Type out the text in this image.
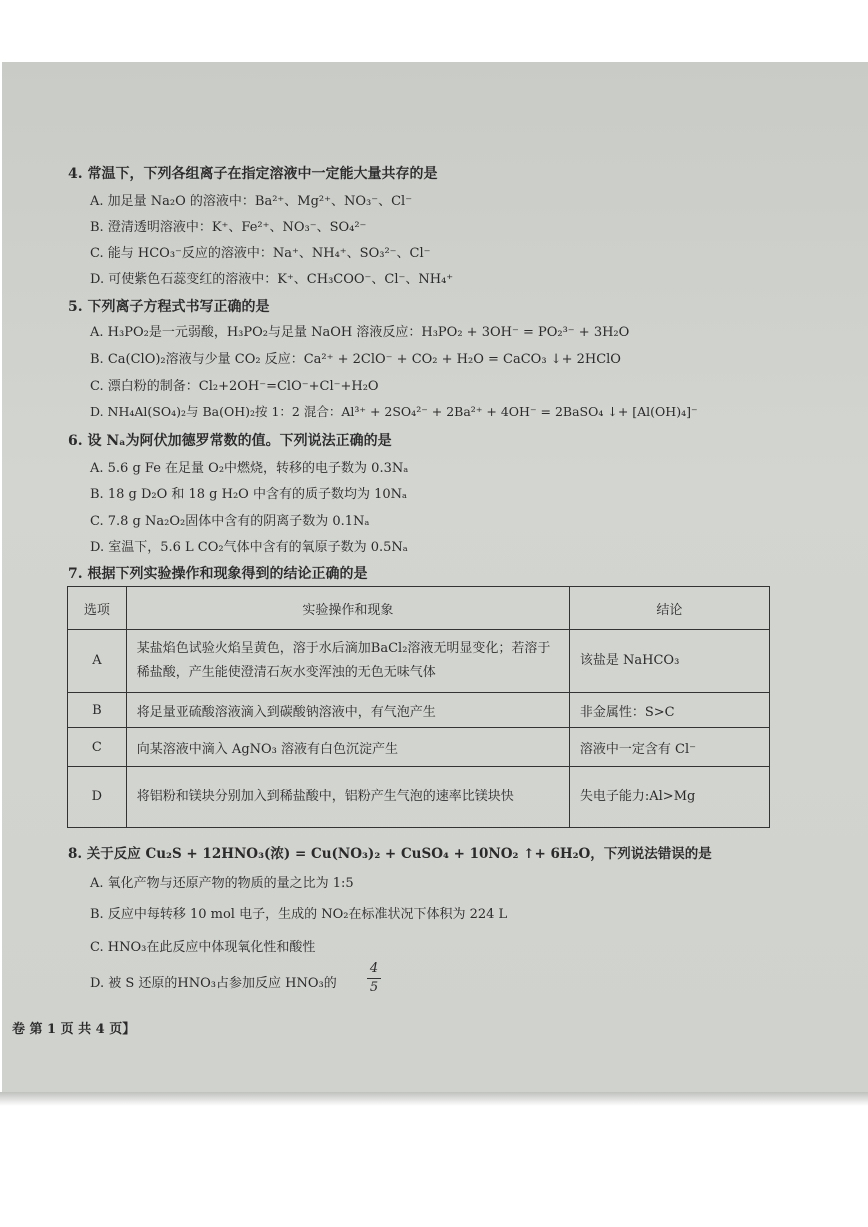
4. 常温下，下列各组离子在指定溶液中一定能大量共存的是
A. 加足量 Na₂O 的溶液中：Ba²⁺、Mg²⁺、NO₃⁻、Cl⁻
B. 澄清透明溶液中：K⁺、Fe²⁺、NO₃⁻、SO₄²⁻
C. 能与 HCO₃⁻反应的溶液中：Na⁺、NH₄⁺、SO₃²⁻、Cl⁻
D. 可使紫色石蕊变红的溶液中：K⁺、CH₃COO⁻、Cl⁻、NH₄⁺
5. 下列离子方程式书写正确的是
A. H₃PO₂是一元弱酸，H₃PO₂与足量 NaOH 溶液反应：H₃PO₂ + 3OH⁻ = PO₂³⁻ + 3H₂O
B. Ca(ClO)₂溶液与少量 CO₂ 反应：Ca²⁺ + 2ClO⁻ + CO₂ + H₂O = CaCO₃ ↓+ 2HClO
C. 漂白粉的制备：Cl₂+2OH⁻=ClO⁻+Cl⁻+H₂O
D. NH₄Al(SO₄)₂与 Ba(OH)₂按 1：2 混合：Al³⁺ + 2SO₄²⁻ + 2Ba²⁺ + 4OH⁻ = 2BaSO₄ ↓+ [Al(OH)₄]⁻
6. 设 Nₐ为阿伏加德罗常数的值。下列说法正确的是
A. 5.6 g Fe 在足量 O₂中燃烧，转移的电子数为 0.3Nₐ
B. 18 g D₂O 和 18 g H₂O 中含有的质子数均为 10Nₐ
C. 7.8 g Na₂O₂固体中含有的阴离子数为 0.1Nₐ
D. 室温下，5.6 L CO₂气体中含有的氧原子数为 0.5Nₐ
7. 根据下列实验操作和现象得到的结论正确的是
选项	实验操作和现象	结论
A	某盐焰色试验火焰呈黄色，溶于水后滴加BaCl₂溶液无明显变化；若溶于稀盐酸，产生能使澄清石灰水变浑浊的无色无味气体	该盐是 NaHCO₃
B	将足量亚硫酸溶液滴入到碳酸钠溶液中，有气泡产生	非金属性：S>C
C	向某溶液中滴入 AgNO₃ 溶液有白色沉淀产生	溶液中一定含有 Cl⁻
D	将铝粉和镁块分别加入到稀盐酸中，铝粉产生气泡的速率比镁块快	失电子能力:Al>Mg
8. 关于反应 Cu₂S + 12HNO₃(浓) = Cu(NO₃)₂ + CuSO₄ + 10NO₂ ↑+ 6H₂O，下列说法错误的是
A. 氧化产物与还原产物的物质的量之比为 1:5
B. 反应中每转移 10 mol 电子，生成的 NO₂在标准状况下体积为 224 L
C. HNO₃在此反应中体现氧化性和酸性
D. 被 S 还原的HNO₃占参加反应 HNO₃的
4
5
卷 第 1 页 共 4 页】
